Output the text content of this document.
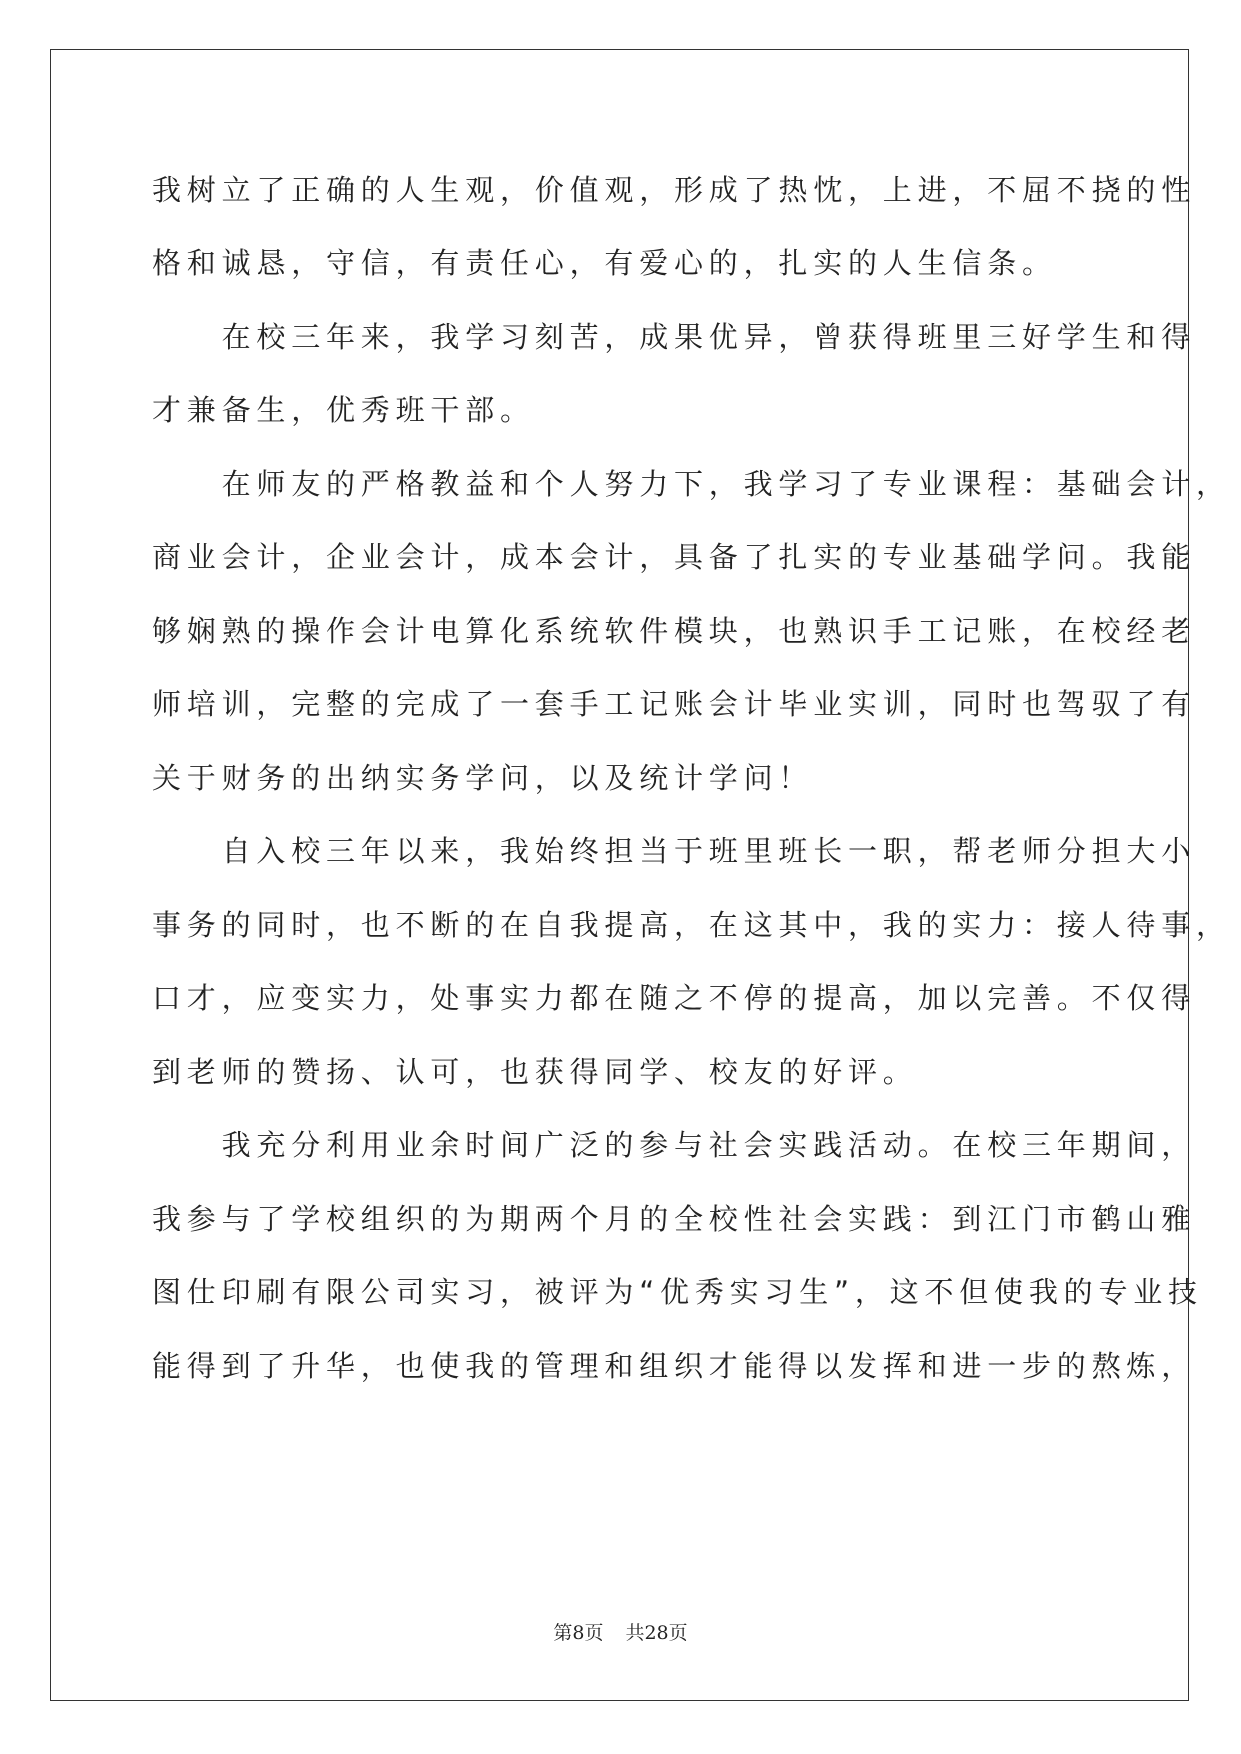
我树立了正确的人生观，价值观，形成了热忱，上进，不屈不挠的性
格和诚恳，守信，有责任心，有爱心的，扎实的人生信条。
　　在校三年来，我学习刻苦，成果优异，曾获得班里三好学生和得
才兼备生，优秀班干部。
　　在师友的严格教益和个人努力下，我学习了专业课程：基础会计，
商业会计，企业会计，成本会计，具备了扎实的专业基础学问。我能
够娴熟的操作会计电算化系统软件模块，也熟识手工记账，在校经老
师培训，完整的完成了一套手工记账会计毕业实训，同时也驾驭了有
关于财务的出纳实务学问，以及统计学问！
　　自入校三年以来，我始终担当于班里班长一职，帮老师分担大小
事务的同时，也不断的在自我提高，在这其中，我的实力：接人待事，
口才，应变实力，处事实力都在随之不停的提高，加以完善。不仅得
到老师的赞扬、认可，也获得同学、校友的好评。
　　我充分利用业余时间广泛的参与社会实践活动。在校三年期间，
我参与了学校组织的为期两个月的全校性社会实践：到江门市鹤山雅
图仕印刷有限公司实习，被评为“优秀实习生”，这不但使我的专业技
能得到了升华，也使我的管理和组织才能得以发挥和进一步的熬炼，
第8页 共28页
